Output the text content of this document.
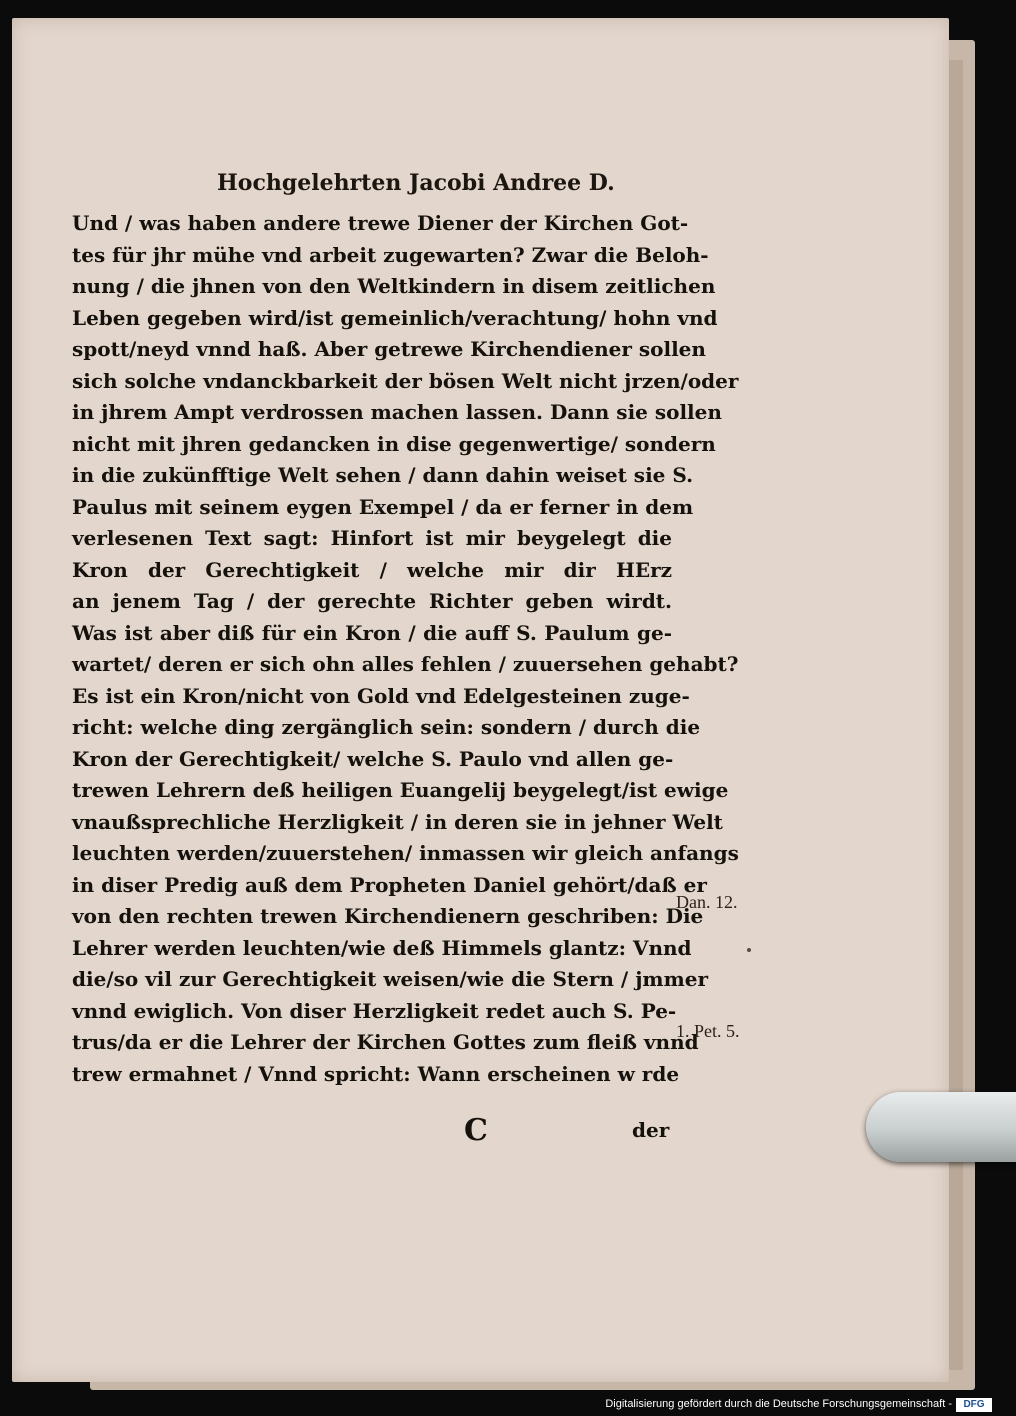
Hochgelehrten Jacobi Andree D.
Und / was haben andere trewe Diener der Kirchen Got-
tes für jhr mühe vnd arbeit zugewarten? Zwar die Beloh-
nung / die jhnen von den Weltkindern in disem zeitlichen
Leben gegeben wird/ist gemeinlich/verachtung/ hohn vnd
spott/neyd vnnd haß. Aber getrewe Kirchendiener sollen
sich solche vndanckbarkeit der bösen Welt nicht jrzen/oder
in jhrem Ampt verdrossen machen lassen. Dann sie sollen
nicht mit jhren gedancken in dise gegenwertige/ sondern
in die zukünfftige Welt sehen / dann dahin weiset sie S.
Paulus mit seinem eygen Exempel / da er ferner in dem
verlesenen Text sagt: Hinfort ist mir beygelegt die
Kron der Gerechtigkeit / welche mir dir HErz
an jenem Tag / der gerechte Richter geben wirdt.
Was ist aber diß für ein Kron / die auff S. Paulum ge-
wartet/ deren er sich ohn alles fehlen / zuuersehen gehabt?
Es ist ein Kron/nicht von Gold vnd Edelgesteinen zuge-
richt: welche ding zergänglich sein: sondern / durch die
Kron der Gerechtigkeit/ welche S. Paulo vnd allen ge-
trewen Lehrern deß heiligen Euangelij beygelegt/ist ewige
vnaußsprechliche Herzligkeit / in deren sie in jehner Welt
leuchten werden/zuuerstehen/ inmassen wir gleich anfangs
in diser Predig auß dem Propheten Daniel gehört/daß er
von den rechten trewen Kirchendienern geschriben: Die
Lehrer werden leuchten/wie deß Himmels glantz: Vnnd
die/so vil zur Gerechtigkeit weisen/wie die Stern / jmmer
vnnd ewiglich. Von diser Herzligkeit redet auch S. Pe-
trus/da er die Lehrer der Kirchen Gottes zum fleiß vnnd
trew ermahnet / Vnnd spricht: Wann erscheinen w rde
C	der
Dan. 12.
1. Pet. 5.
Digitalisierung gefördert durch die Deutsche Forschungsgemeinschaft -	DFG
